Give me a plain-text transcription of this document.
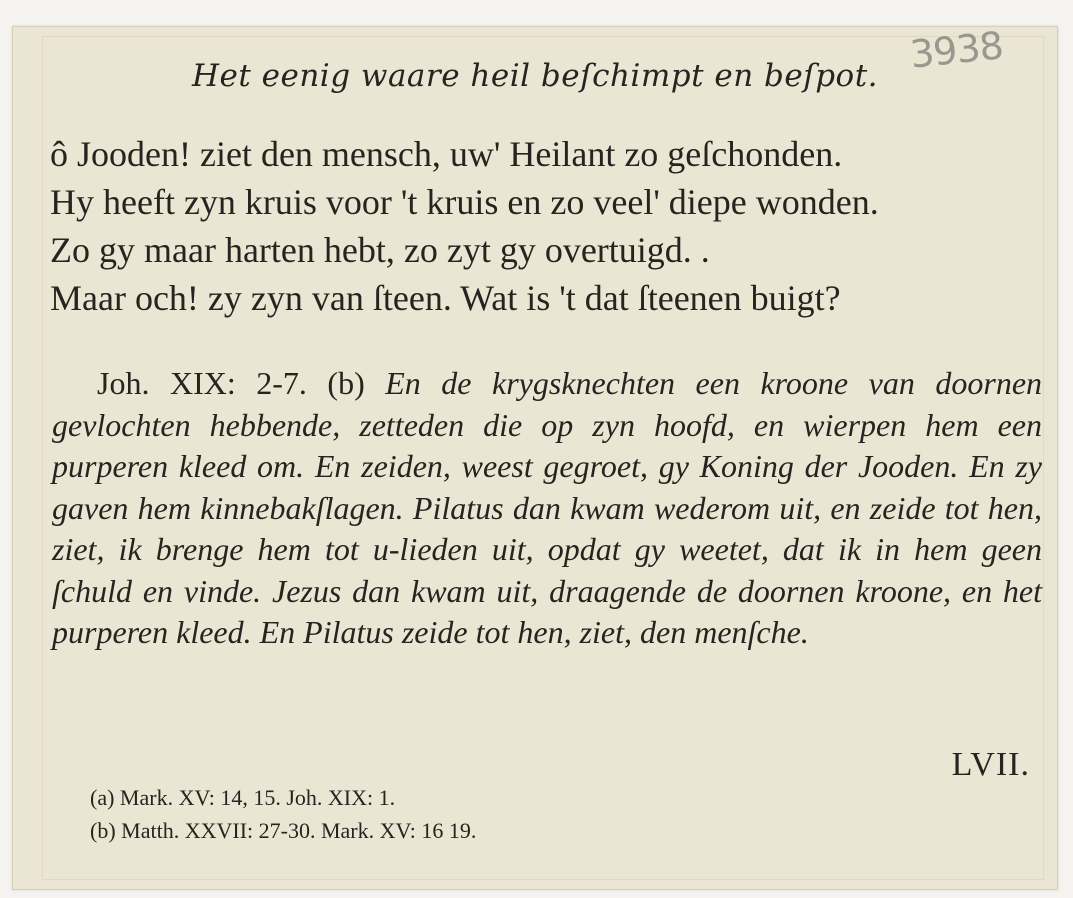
3938
Het eenig waare heil beſchimpt en beſpot.
ô Jooden! ziet den mensch, uw' Heilant zo geſchonden.
Hy heeft zyn kruis voor 't kruis en zo veel' diepe wonden.
Zo gy maar harten hebt, zo zyt gy overtuigd. .
Maar och! zy zyn van ſteen. Wat is 't dat ſteenen buigt?
Joh. XIX: 2-7. (b) En de krygsknechten een kroone van doornen gevlochten hebbende, zetteden die op zyn hoofd, en wierpen hem een purperen kleed om. En zeiden, weest gegroet, gy Koning der Jooden. En zy gaven hem kinnebakſlagen. Pilatus dan kwam wederom uit, en zeide tot hen, ziet, ik brenge hem tot u-lieden uit, opdat gy weetet, dat ik in hem geen ſchuld en vinde. Jezus dan kwam uit, draagende de doornen kroone, en het purperen kleed. En Pilatus zeide tot hen, ziet, den menſche.
LVII.
(a) Mark. XV: 14, 15. Joh. XIX: 1.
(b) Matth. XXVII: 27-30. Mark. XV: 16 19.
